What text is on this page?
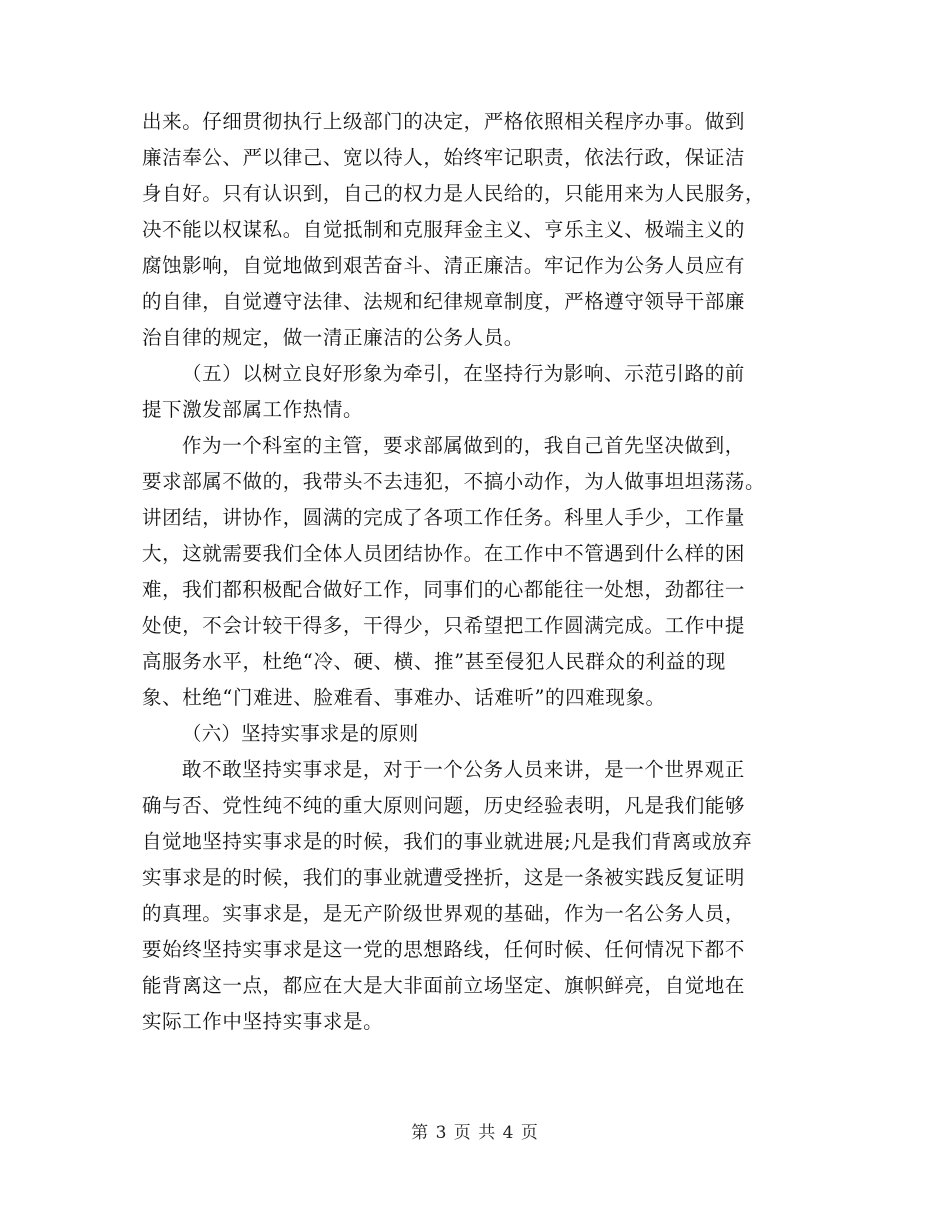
出来。仔细贯彻执行上级部门的决定，严格依照相关程序办事。做到
廉洁奉公、严以律己、宽以待人，始终牢记职责，依法行政，保证洁
身自好。只有认识到，自己的权力是人民给的，只能用来为人民服务，
决不能以权谋私。自觉抵制和克服拜金主义、亨乐主义、极端主义的
腐蚀影响，自觉地做到艰苦奋斗、清正廉洁。牢记作为公务人员应有
的自律，自觉遵守法律、法规和纪律规章制度，严格遵守领导干部廉
治自律的规定，做一清正廉洁的公务人员。
（五）以树立良好形象为牵引，在坚持行为影响、示范引路的前
提下激发部属工作热情。
作为一个科室的主管，要求部属做到的，我自己首先坚决做到，
要求部属不做的，我带头不去违犯，不搞小动作，为人做事坦坦荡荡。
讲团结，讲协作，圆满的完成了各项工作任务。科里人手少，工作量
大，这就需要我们全体人员团结协作。在工作中不管遇到什么样的困
难，我们都积极配合做好工作，同事们的心都能往一处想，劲都往一
处使，不会计较干得多，干得少，只希望把工作圆满完成。工作中提
高服务水平，杜绝“冷、硬、横、推”甚至侵犯人民群众的利益的现
象、杜绝“门难进、脸难看、事难办、话难听”的四难现象。
（六）坚持实事求是的原则
敢不敢坚持实事求是，对于一个公务人员来讲，是一个世界观正
确与否、党性纯不纯的重大原则问题，历史经验表明，凡是我们能够
自觉地坚持实事求是的时候，我们的事业就进展;凡是我们背离或放弃
实事求是的时候，我们的事业就遭受挫折，这是一条被实践反复证明
的真理。实事求是，是无产阶级世界观的基础，作为一名公务人员，
要始终坚持实事求是这一党的思想路线，任何时候、任何情况下都不
能背离这一点，都应在大是大非面前立场坚定、旗帜鲜亮，自觉地在
实际工作中坚持实事求是。
第 3 页 共 4 页
